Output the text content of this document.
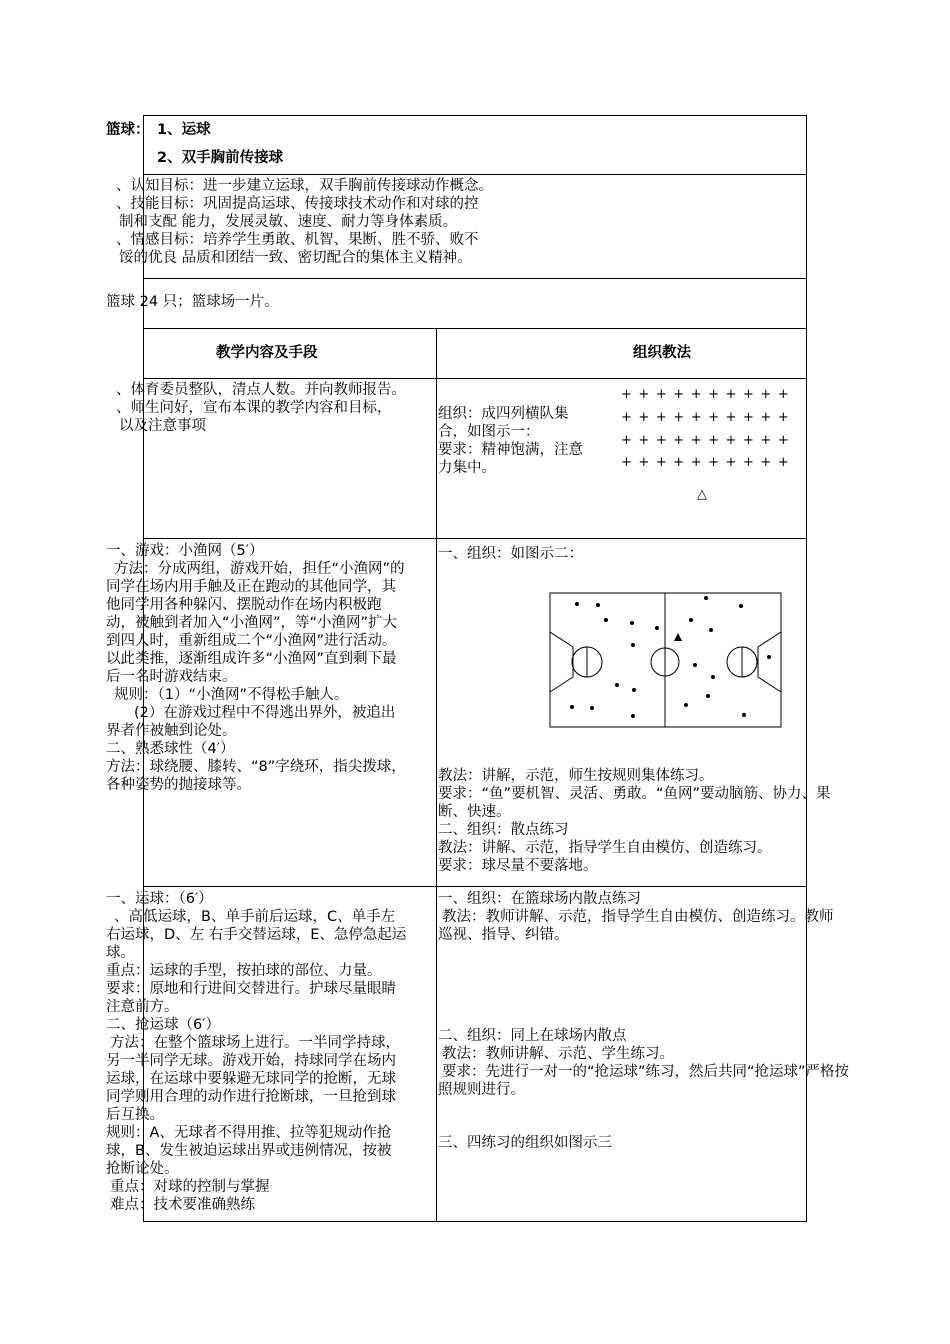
篮球： 1、运球
2、双手胸前传接球
、认知目标：进一步建立运球，双手胸前传接球动作概念。
、技能目标：巩固提高运球、传接球技术动作和对球的控
制和支配 能力，发展灵敏、速度、耐力等身体素质。
、情感目标：培养学生勇敢、机智、果断、胜不骄、败不
馁的优良 品质和团结一致、密切配合的集体主义精神。
篮球 24 只；篮球场一片。
教学内容及手段	组织教法
、体育委员整队，清点人数。并向教师报告。
、师生问好，宣布本课的教学内容和目标，
以及注意事项
组织：成四列横队集
合，如图示一：
要求：精神饱满，注意
力集中。
+ + + + + + + + + +
+ + + + + + + + + +
+ + + + + + + + + +
+ + + + + + + + + +
△
一、游戏：小渔网（5′）
方法：分成两组，游戏开始，担任“小渔网”的
同学在场内用手触及正在跑动的其他同学，其
他同学用各种躲闪、摆脱动作在场内积极跑
动，被触到者加入“小渔网”，等“小渔网”扩大
到四人时，重新组成二个“小渔网”进行活动。
以此类推，逐渐组成许多“小渔网”直到剩下最
后一名时游戏结束。
规则：（1）“小渔网”不得松手触人。
(2）在游戏过程中不得逃出界外，被追出
界者作被触到论处。
二、熟悉球性（4′）
方法：球绕腰、膝转、“8”字绕环，指尖拨球，
各种姿势的抛接球等。
一、组织：如图示二：
教法：讲解，示范，师生按规则集体练习。
要求：“鱼”要机智、灵活、勇敢。“鱼网”要动脑筋、协力、果
断、快速。
二、组织：散点练习
教法：讲解、示范，指导学生自由模仿、创造练习。
要求：球尽量不要落地。
一、运球：（6′）
、高低运球，B、单手前后运球，C、单手左
右运球，D、左 右手交替运球，E、急停急起运
球。
重点：运球的手型，按拍球的部位、力量。
要求：原地和行进间交替进行。护球尽量眼睛
注意前方。
二、抢运球（6′）
方法：在整个篮球场上进行。一半同学持球，
另一半同学无球。游戏开始，持球同学在场内
运球，在运球中要躲避无球同学的抢断，无球
同学则用合理的动作进行抢断球，一旦抢到球
后互换。
规则：A、无球者不得用推、拉等犯规动作抢
球，B、发生被迫运球出界或违例情况，按被
抢断论处。
重点：对球的控制与掌握
难点：技术要准确熟练
一、组织：在篮球场内散点练习
教法：教师讲解、示范，指导学生自由模仿、创造练习。教师
巡视、指导、纠错。
二、组织：同上在球场内散点
教法：教师讲解、示范、学生练习。
要求：先进行一对一的“抢运球”练习，然后共同“抢运球”严格按
照规则进行。
三、四练习的组织如图示三
